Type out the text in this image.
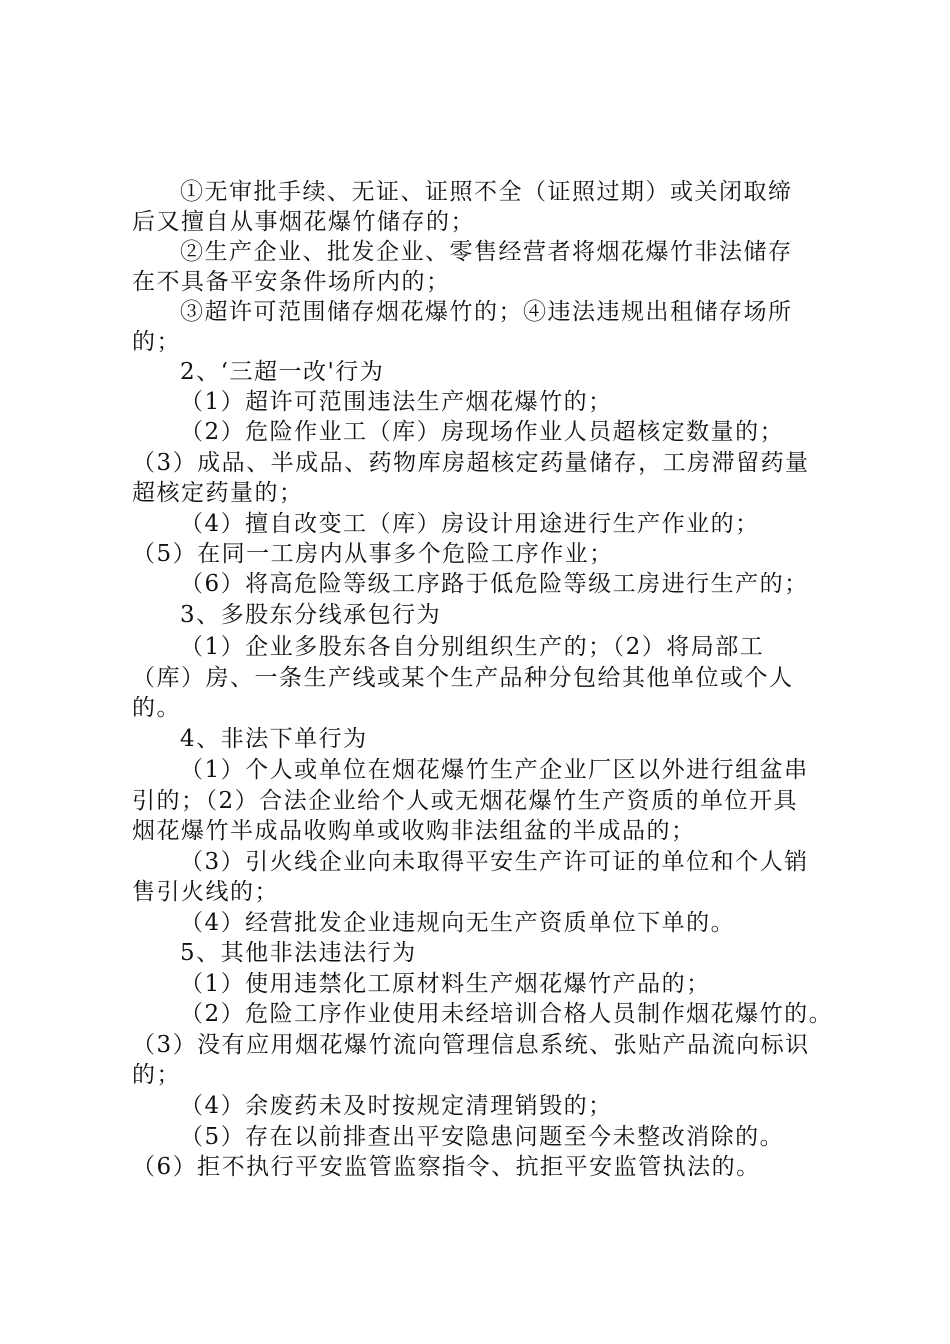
①无审批手续、无证、证照不全（证照过期）或关闭取缔
后又擅自从事烟花爆竹储存的；
②生产企业、批发企业、零售经营者将烟花爆竹非法储存
在不具备平安条件场所内的；
③超许可范围储存烟花爆竹的；④违法违规出租储存场所
的；
2、‘三超一改'行为
（1）超许可范围违法生产烟花爆竹的；
（2）危险作业工（库）房现场作业人员超核定数量的；
（3）成品、半成品、药物库房超核定药量储存，工房滞留药量
超核定药量的；
（4）擅自改变工（库）房设计用途进行生产作业的；
（5）在同一工房内从事多个危险工序作业；
（6）将高危险等级工序路于低危险等级工房进行生产的；
3、多股东分线承包行为
（1）企业多股东各自分别组织生产的；（2）将局部工
（库）房、一条生产线或某个生产品种分包给其他单位或个人
的。
4、非法下单行为
（1）个人或单位在烟花爆竹生产企业厂区以外进行组盆串
引的；（2）合法企业给个人或无烟花爆竹生产资质的单位开具
烟花爆竹半成品收购单或收购非法组盆的半成品的；
（3）引火线企业向未取得平安生产许可证的单位和个人销
售引火线的；
（4）经营批发企业违规向无生产资质单位下单的。
5、其他非法违法行为
（1）使用违禁化工原材料生产烟花爆竹产品的；
（2）危险工序作业使用未经培训合格人员制作烟花爆竹的。
（3）没有应用烟花爆竹流向管理信息系统、张贴产品流向标识
的；
（4）余废药未及时按规定清理销毁的；
（5）存在以前排查出平安隐患问题至今未整改消除的。
（6）拒不执行平安监管监察指令、抗拒平安监管执法的。
